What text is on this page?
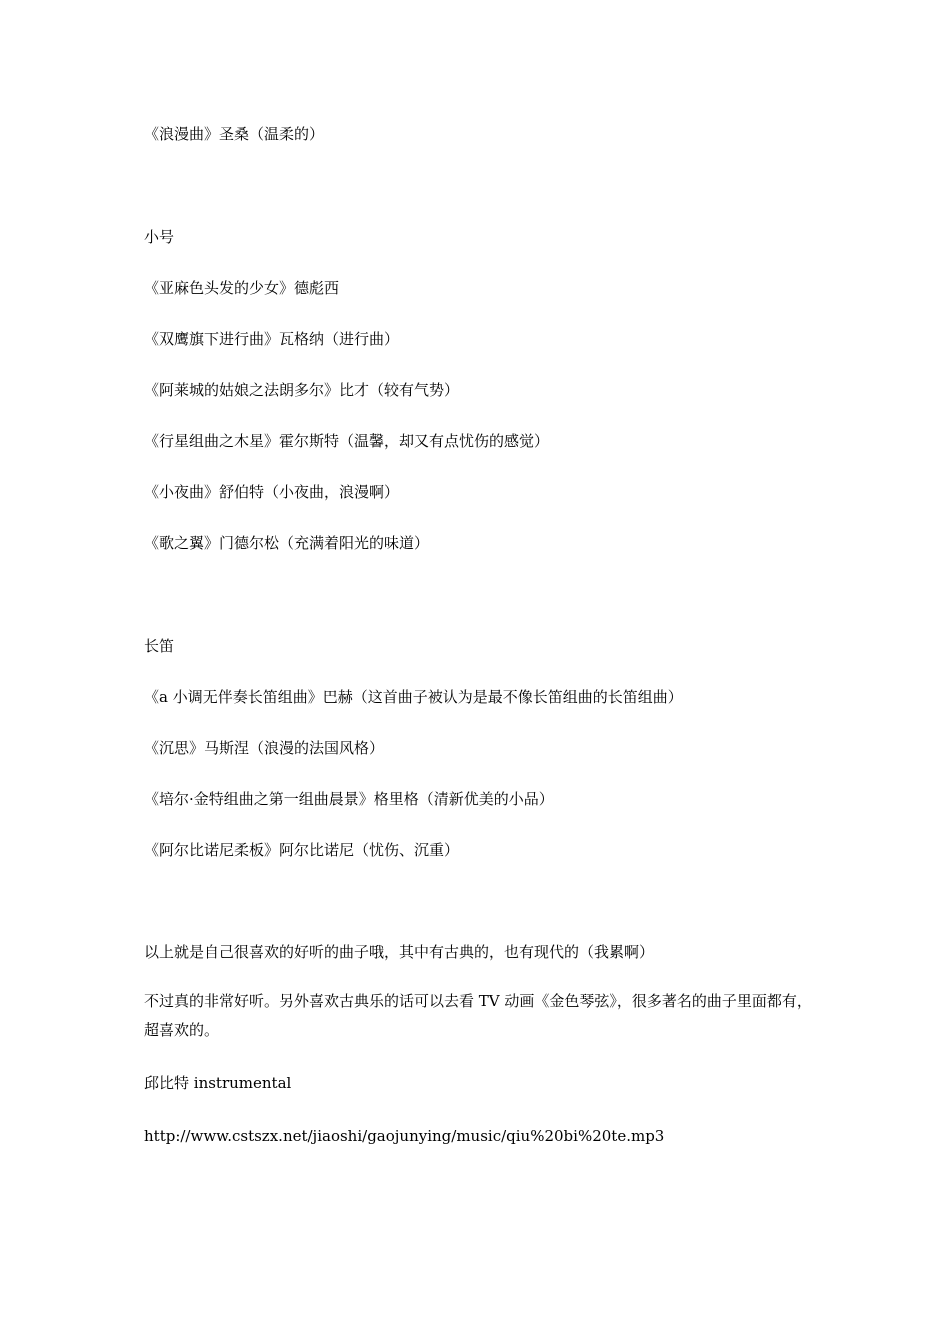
《浪漫曲》圣桑（温柔的）
小号
《亚麻色头发的少女》德彪西
《双鹰旗下进行曲》瓦格纳（进行曲）
《阿莱城的姑娘之法朗多尔》比才（较有气势）
《行星组曲之木星》霍尔斯特（温馨，却又有点忧伤的感觉）
《小夜曲》舒伯特（小夜曲，浪漫啊）
《歌之翼》门德尔松（充满着阳光的味道）
长笛
《a 小调无伴奏长笛组曲》巴赫（这首曲子被认为是最不像长笛组曲的长笛组曲）
《沉思》马斯涅（浪漫的法国风格）
《培尔·金特组曲之第一组曲晨景》格里格（清新优美的小品）
《阿尔比诺尼柔板》阿尔比诺尼（忧伤、沉重）
以上就是自己很喜欢的好听的曲子哦，其中有古典的，也有现代的（我累啊）
不过真的非常好听。另外喜欢古典乐的话可以去看 TV 动画《金色琴弦》，很多著名的曲子里面都有，超喜欢的。
邱比特 instrumental
http://www.cstszx.net/jiaoshi/gaojunying/music/qiu%20bi%20te.mp3
